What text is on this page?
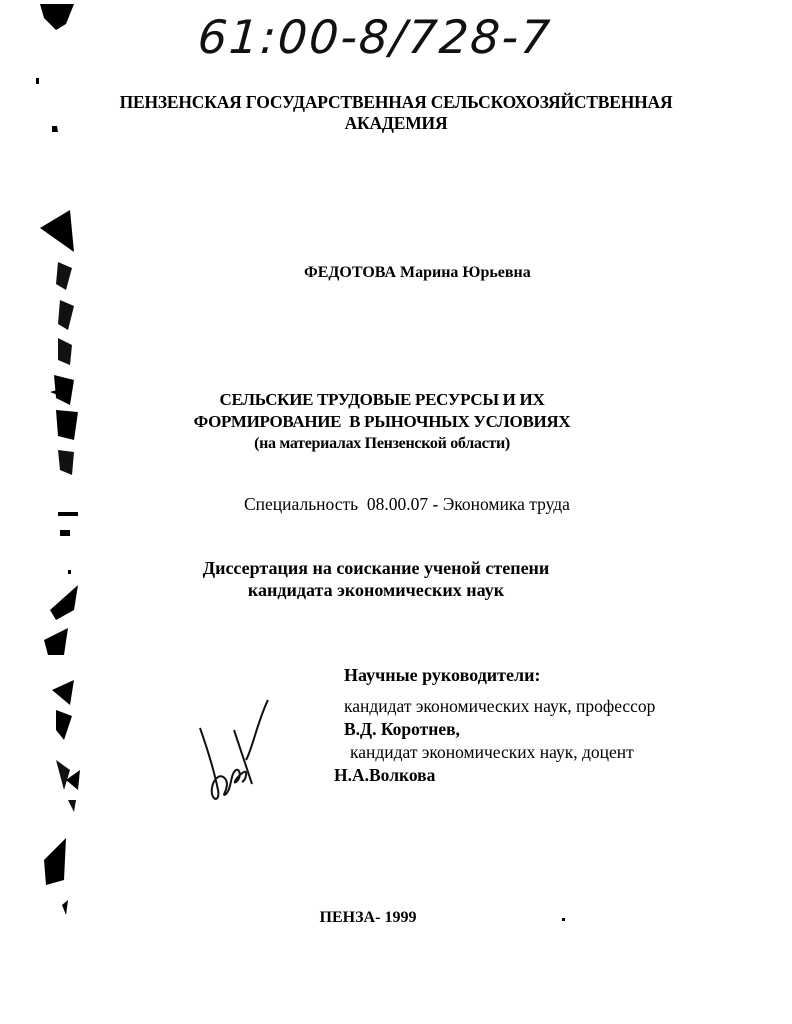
61:00-8/728-7
ПЕНЗЕНСКАЯ ГОСУДАРСТВЕННАЯ СЕЛЬСКОХОЗЯЙСТВЕННАЯ
АКАДЕМИЯ
ФЕДОТОВА Марина Юрьевна
СЕЛЬСКИЕ ТРУДОВЫЕ РЕСУРСЫ И ИХ
ФОРМИРОВАНИЕ  В РЫНОЧНЫХ УСЛОВИЯХ
(на материалах Пензенской области)
Специальность  08.00.07 - Экономика труда
Диссертация на соискание ученой степени
кандидата экономических наук
Научные руководители:
кандидат экономических наук, профессор
В.Д. Коротнев,
кандидат экономических наук, доцент
Н.А.Волкова
ПЕНЗА- 1999
